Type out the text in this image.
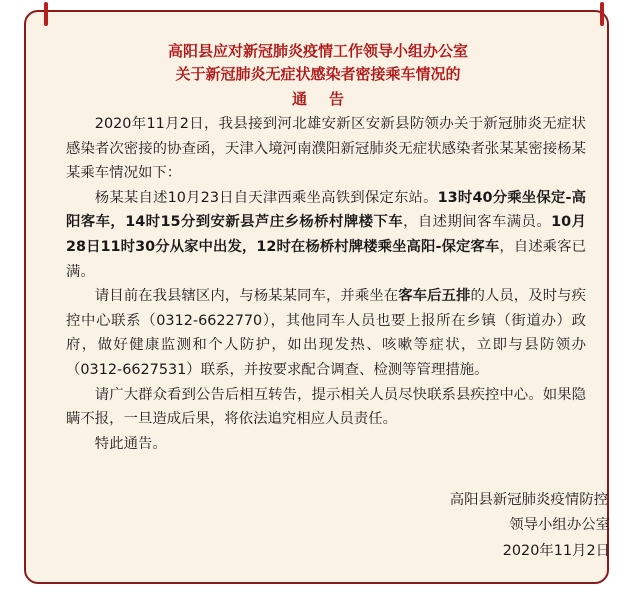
高阳县应对新冠肺炎疫情工作领导小组办公室
关于新冠肺炎无症状感染者密接乘车情况的
通告

2020年11月2日，我县接到河北雄安新区安新县防领办关于新冠肺炎无症状感染者次密接的协查函，天津入境河南濮阳新冠肺炎无症状感染者张某某密接杨某某乘车情况如下：

杨某某自述10月23日自天津西乘坐高铁到保定东站。13时40分乘坐保定-高阳客车，14时15分到安新县芦庄乡杨桥村牌楼下车，自述期间客车满员。10月28日11时30分从家中出发，12时在杨桥村牌楼乘坐高阳-保定客车，自述乘客已满。

请目前在我县辖区内，与杨某某同车，并乘坐在客车后五排的人员，及时与疾控中心联系（0312-6622770），其他同车人员也要上报所在乡镇（街道办）政府，做好健康监测和个人防护，如出现发热、咳嗽等症状，立即与县防领办（0312-6627531）联系，并按要求配合调查、检测等管理措施。

请广大群众看到公告后相互转告，提示相关人员尽快联系县疾控中心。如果隐瞒不报，一旦造成后果，将依法追究相应人员责任。

特此通告。

高阳县新冠肺炎疫情防控
领导小组办公室
2020年11月2日
